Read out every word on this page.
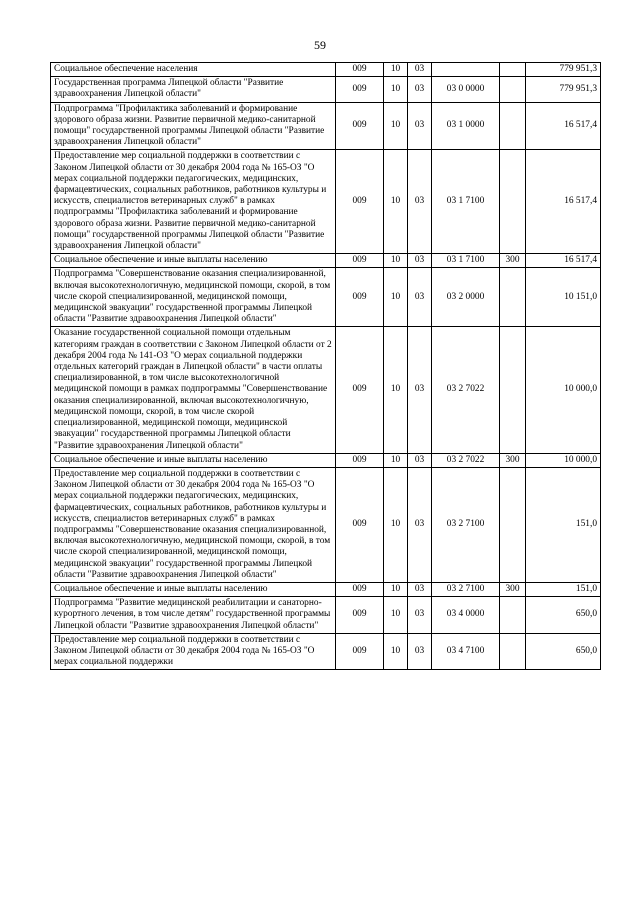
59
Социальное обеспечение населения	009	10	03			779 951,3
Государственная программа Липецкой области "Развитие здравоохранения Липецкой области"	009	10	03	03 0 0000		779 951,3
Подпрограмма "Профилактика заболеваний и формирование здорового образа жизни. Развитие первичной медико-санитарной помощи" государственной программы Липецкой области "Развитие здравоохранения Липецкой области"	009	10	03	03 1 0000		16 517,4
Предоставление мер социальной поддержки в соответствии с Законом Липецкой области от 30 декабря 2004 года № 165-ОЗ "О мерах социальной поддержки педагогических, медицинских, фармацевтических, социальных работников, работников культуры и искусств, специалистов ветеринарных служб" в рамках подпрограммы "Профилактика заболеваний и формирование здорового образа жизни. Развитие первичной медико-санитарной помощи" государственной программы Липецкой области "Развитие здравоохранения Липецкой области"	009	10	03	03 1 7100		16 517,4
Социальное обеспечение и иные выплаты населению	009	10	03	03 1 7100	300	16 517,4
Подпрограмма "Совершенствование оказания специализированной, включая высокотехнологичную, медицинской помощи, скорой, в том числе скорой специализированной, медицинской помощи, медицинской эвакуации" государственной программы Липецкой области "Развитие здравоохранения Липецкой области"	009	10	03	03 2 0000		10 151,0
Оказание государственной социальной помощи отдельным категориям граждан в соответствии с Законом Липецкой области от 2 декабря 2004 года № 141-ОЗ "О мерах социальной поддержки отдельных категорий граждан в Липецкой области" в части оплаты специализированной, в том числе высокотехнологичной медицинской помощи в рамках подпрограммы "Совершенствование оказания специализированной, включая высокотехнологичную, медицинской помощи, скорой, в том числе скорой специализированной, медицинской помощи, медицинской эвакуации" государственной программы Липецкой области "Развитие здравоохранения Липецкой области"	009	10	03	03 2 7022		10 000,0
Социальное обеспечение и иные выплаты населению	009	10	03	03 2 7022	300	10 000,0
Предоставление мер социальной поддержки в соответствии с Законом Липецкой области от 30 декабря 2004 года № 165-ОЗ "О мерах социальной поддержки педагогических, медицинских, фармацевтических, социальных работников, работников культуры и искусств, специалистов ветеринарных служб" в рамках подпрограммы "Совершенствование оказания специализированной, включая высокотехнологичную, медицинской помощи, скорой, в том числе скорой специализированной, медицинской помощи, медицинской эвакуации" государственной программы Липецкой области "Развитие здравоохранения Липецкой области"	009	10	03	03 2 7100		151,0
Социальное обеспечение и иные выплаты населению	009	10	03	03 2 7100	300	151,0
Подпрограмма "Развитие медицинской реабилитации и санаторно-курортного лечения, в том числе детям" государственной программы Липецкой области "Развитие здравоохранения Липецкой области"	009	10	03	03 4 0000		650,0
Предоставление мер социальной поддержки в соответствии с Законом Липецкой области от 30 декабря 2004 года № 165-ОЗ "О мерах социальной поддержки	009	10	03	03 4 7100		650,0
